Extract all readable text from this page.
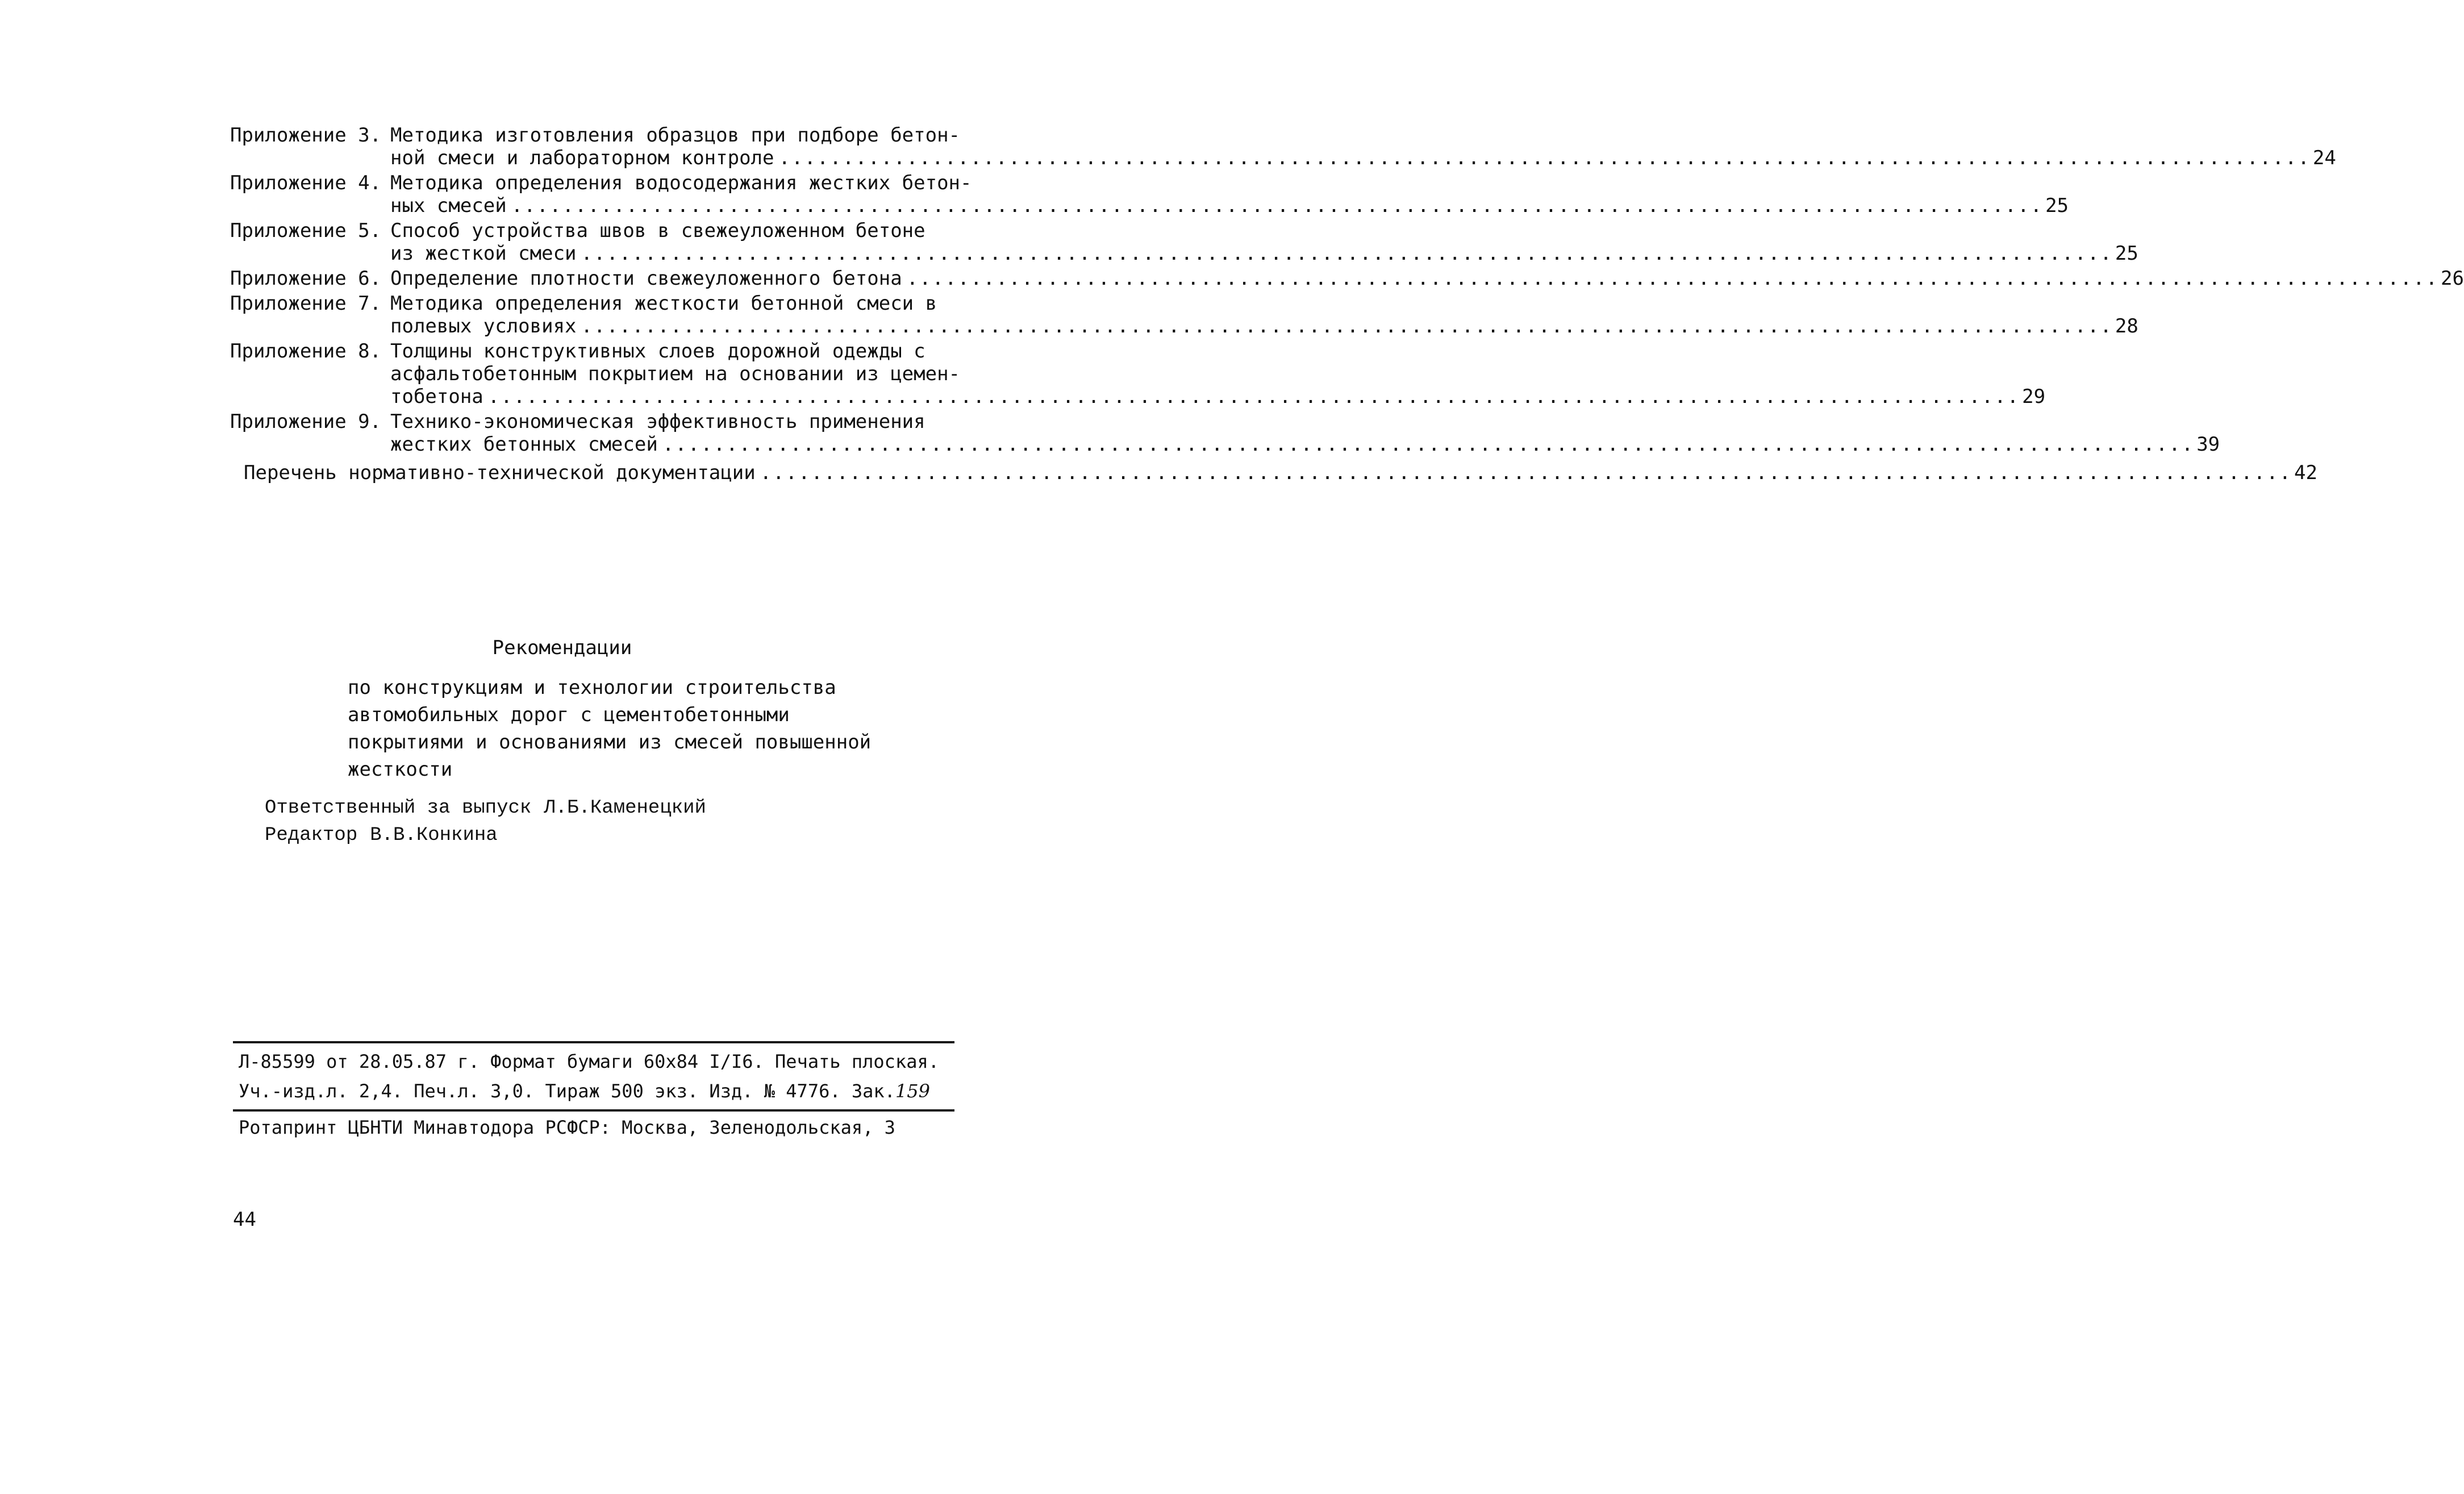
Приложение 3. Методика изготовления образцов при подборе бетон-
ной смеси и лабораторном контроле ........................................................................................................................ 24
Приложение 4. Методика определения водосодержания жестких бетон-
ных смесей ........................................................................................................................ 25
Приложение 5. Способ устройства швов в свежеуложенном бетоне
из жесткой смеси ........................................................................................................................ 25
Приложение 6. Определение плотности свежеуложенного бетона ........................................................................................................................ 26
Приложение 7. Методика определения жесткости бетонной смеси в
полевых условиях ........................................................................................................................ 28
Приложение 8. Толщины конструктивных слоев дорожной одежды с
асфальтобетонным покрытием на основании из цемен-
тобетона ........................................................................................................................ 29
Приложение 9. Технико-экономическая эффективность применения
жестких бетонных смесей ........................................................................................................................ 39
Перечень нормативно-технической документации ........................................................................................................................ 42
Рекомендации
по конструкциям и технологии строительства
автомобильных дорог с цементобетонными
покрытиями и основаниями из смесей повышенной
жесткости
Ответственный за выпуск Л.Б.Каменецкий
Редактор В.В.Конкина
Л-85599 от 28.05.87 г. Формат бумаги 60x84 I/I6. Печать плоская.
Уч.-изд.л. 2,4. Печ.л. 3,0. Тираж 500 экз. Изд. № 4776. Зак.159
Ротапринт ЦБНТИ Минавтодора РСФСР: Москва, Зеленодольская, 3
44
